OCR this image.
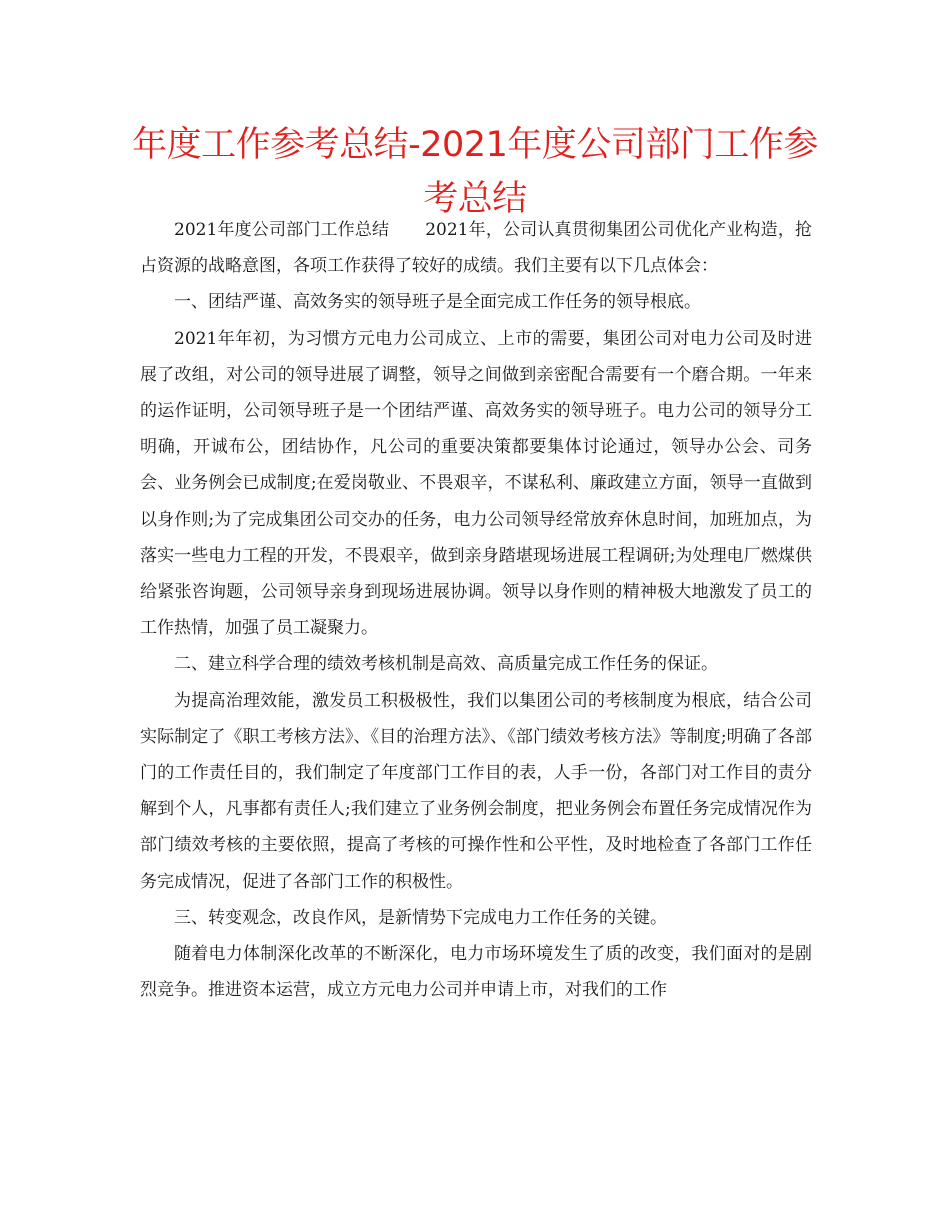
年度工作参考总结-2021年度公司部门工作参考总结

2021年度公司部门工作总结 2021年，公司认真贯彻集团公司优化产业构造，抢占资源的战略意图，各项工作获得了较好的成绩。我们主要有以下几点体会：

一、团结严谨、高效务实的领导班子是全面完成工作任务的领导根底。

2021年年初，为习惯方元电力公司成立、上市的需要，集团公司对电力公司及时进展了改组，对公司的领导进展了调整，领导之间做到亲密配合需要有一个磨合期。一年来的运作证明，公司领导班子是一个团结严谨、高效务实的领导班子。电力公司的领导分工明确，开诚布公，团结协作，凡公司的重要决策都要集体讨论通过，领导办公会、司务会、业务例会已成制度;在爱岗敬业、不畏艰辛，不谋私利、廉政建立方面，领导一直做到以身作则;为了完成集团公司交办的任务，电力公司领导经常放弃休息时间，加班加点，为落实一些电力工程的开发，不畏艰辛，做到亲身踏堪现场进展工程调研;为处理电厂燃煤供给紧张咨询题，公司领导亲身到现场进展协调。领导以身作则的精神极大地激发了员工的工作热情，加强了员工凝聚力。

二、建立科学合理的绩效考核机制是高效、高质量完成工作任务的保证。

为提高治理效能，激发员工积极极性，我们以集团公司的考核制度为根底，结合公司实际制定了《职工考核方法》、《目的治理方法》、《部门绩效考核方法》等制度;明确了各部门的工作责任目的，我们制定了年度部门工作目的表，人手一份，各部门对工作目的责分解到个人，凡事都有责任人;我们建立了业务例会制度，把业务例会布置任务完成情况作为部门绩效考核的主要依照，提高了考核的可操作性和公平性，及时地检查了各部门工作任务完成情况，促进了各部门工作的积极性。

三、转变观念，改良作风，是新情势下完成电力工作任务的关键。

随着电力体制深化改革的不断深化，电力市场环境发生了质的改变，我们面对的是剧烈竞争。推进资本运营，成立方元电力公司并申请上市，对我们的工作
